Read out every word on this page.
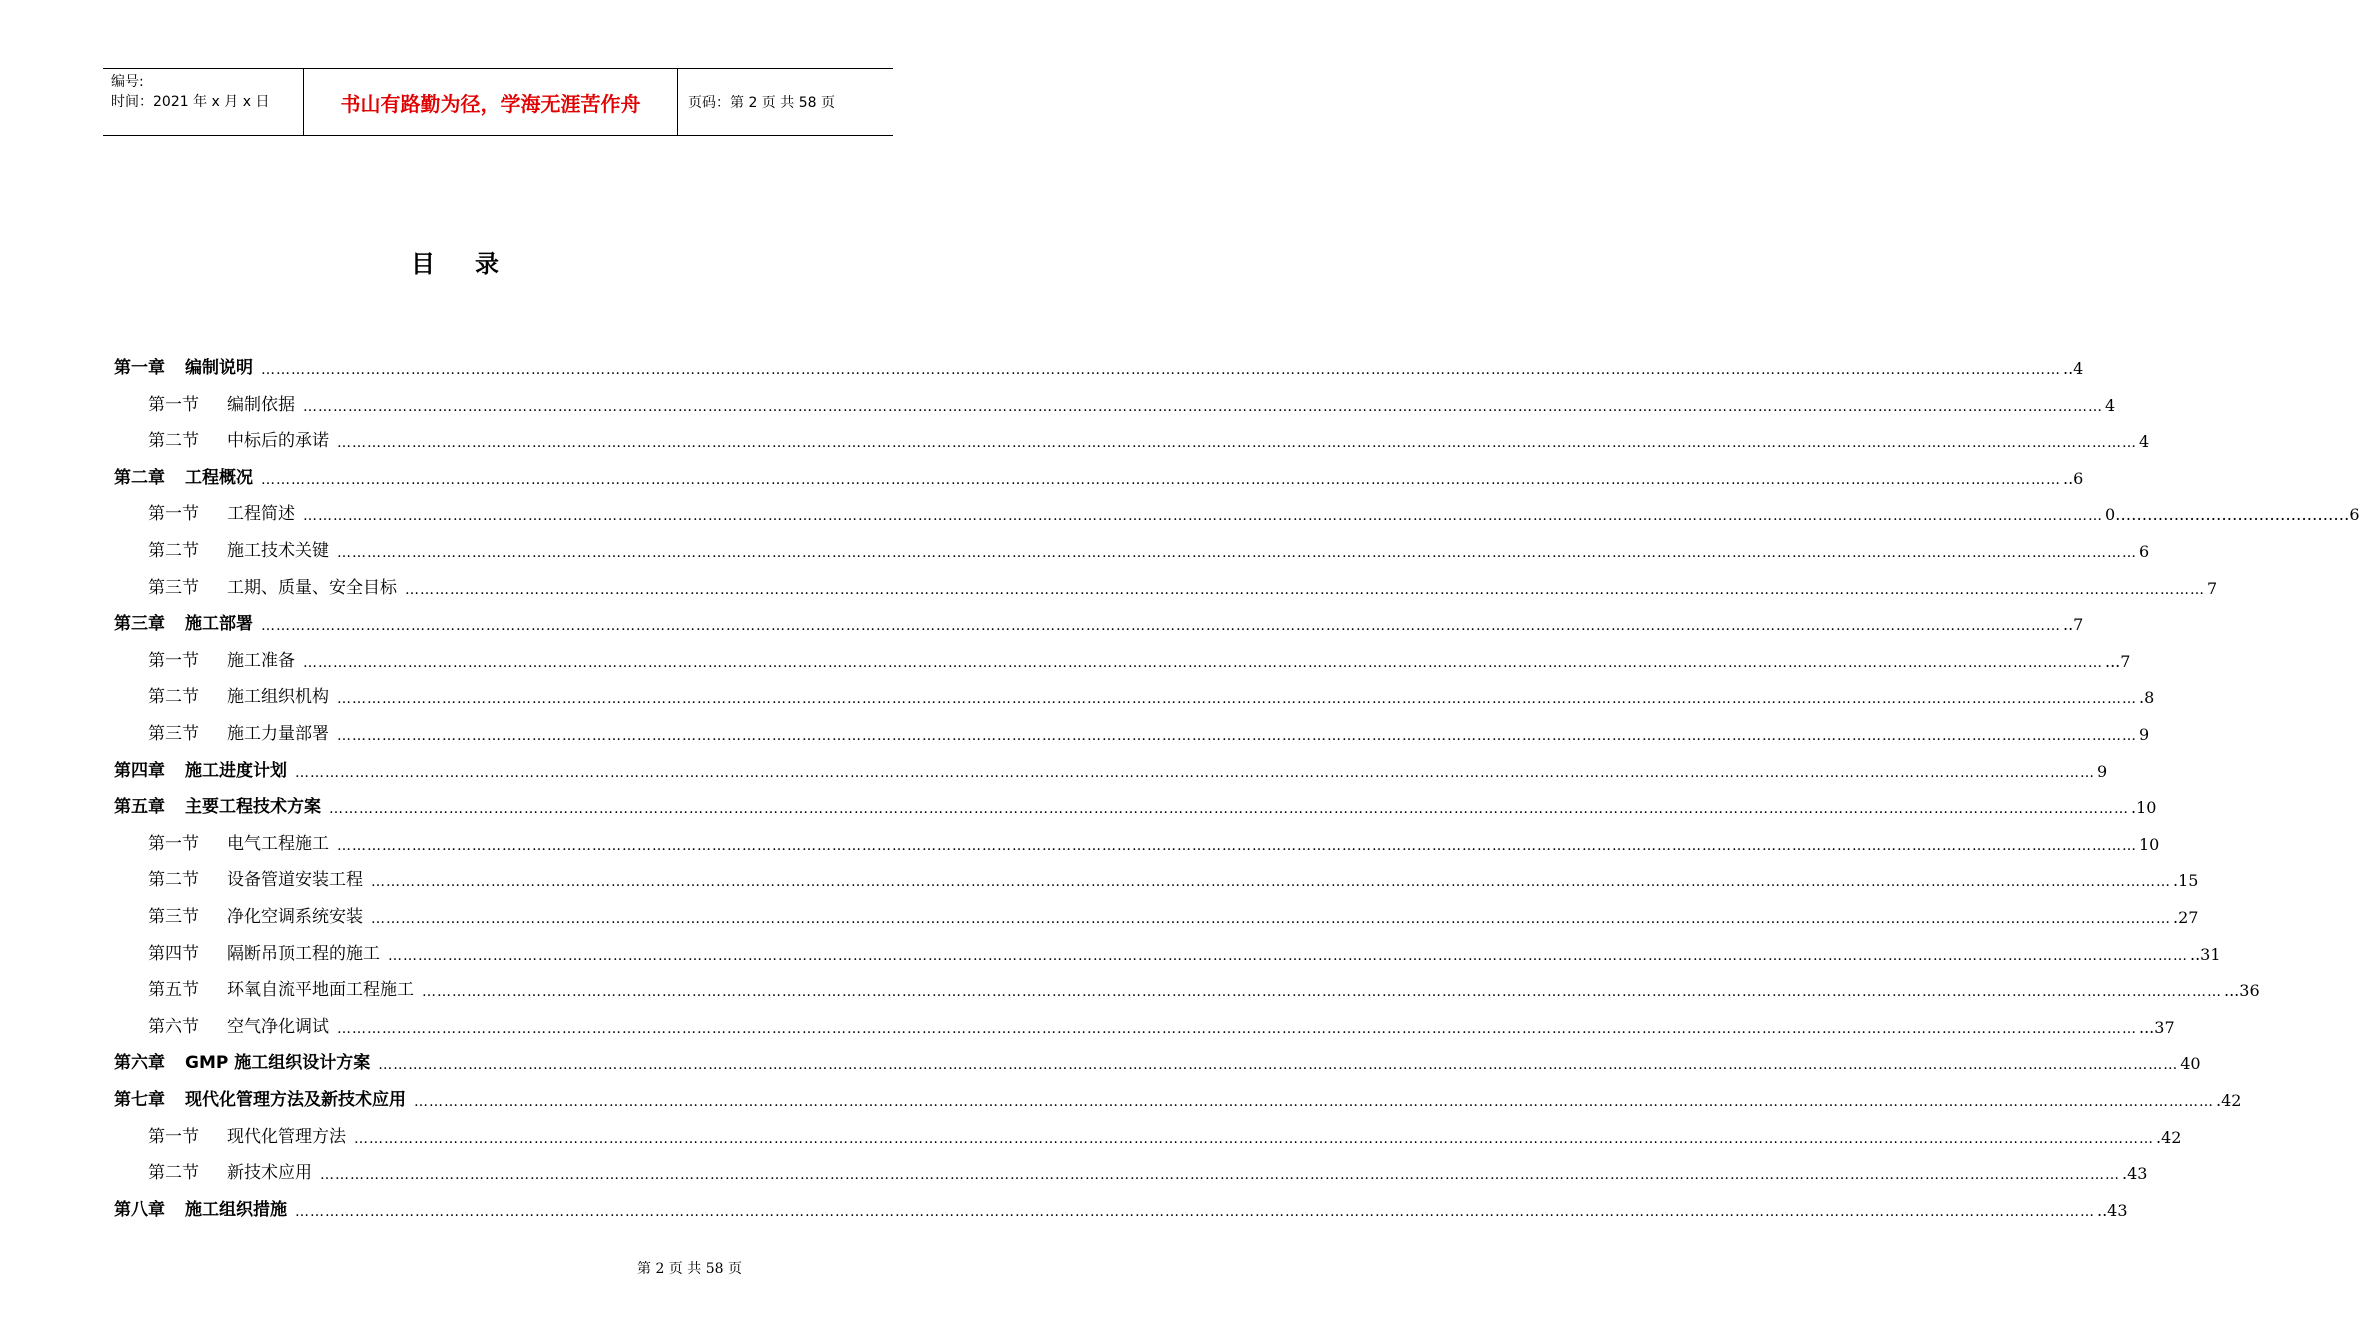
编号:
时间：2021 年 x 月 x 日	书山有路勤为径，学海无涯苦作舟	页码：第 2 页 共 58 页
目录
第一章 编制说明 ……………………………………………………………………………………………………………………………………………………………………………………………………………………………………………………………………………………………………………………………… ..4
第一节 编制依据 ……………………………………………………………………………………………………………………………………………………………………………………………………………………………………………………………………………………………………………………………… 4
第二节 中标后的承诺 ……………………………………………………………………………………………………………………………………………………………………………………………………………………………………………………………………………………………………………………………… 4
第二章 工程概况 ……………………………………………………………………………………………………………………………………………………………………………………………………………………………………………………………………………………………………………………………… ..6
第一节 工程简述 ……………………………………………………………………………………………………………………………………………………………………………………………………………………………………………………………………………………………………………………………… 0…………..…………………………6
第二节 施工技术关键 ……………………………………………………………………………………………………………………………………………………………………………………………………………………………………………………………………………………………………………………………… 6
第三节 工期、质量、安全目标 ……………………………………………………………………………………………………………………………………………………………………………………………………………………………………………………………………………………………………………………………… 7
第三章 施工部署 ……………………………………………………………………………………………………………………………………………………………………………………………………………………………………………………………………………………………………………………………… ..7
第一节 施工准备 ……………………………………………………………………………………………………………………………………………………………………………………………………………………………………………………………………………………………………………………………… ...7
第二节 施工组织机构 ……………………………………………………………………………………………………………………………………………………………………………………………………………………………………………………………………………………………………………………………… .8
第三节 施工力量部署 ……………………………………………………………………………………………………………………………………………………………………………………………………………………………………………………………………………………………………………………………… 9
第四章 施工进度计划 ……………………………………………………………………………………………………………………………………………………………………………………………………………………………………………………………………………………………………………………………… 9
第五章 主要工程技术方案 ……………………………………………………………………………………………………………………………………………………………………………………………………………………………………………………………………………………………………………………………… .10
第一节 电气工程施工 ……………………………………………………………………………………………………………………………………………………………………………………………………………………………………………………………………………………………………………………………… 10
第二节 设备管道安装工程 ……………………………………………………………………………………………………………………………………………………………………………………………………………………………………………………………………………………………………………………………… .15
第三节 净化空调系统安装 ……………………………………………………………………………………………………………………………………………………………………………………………………………………………………………………………………………………………………………………………… .27
第四节 隔断吊顶工程的施工 ……………………………………………………………………………………………………………………………………………………………………………………………………………………………………………………………………………………………………………………………… ..31
第五节 环氧自流平地面工程施工 ……………………………………………………………………………………………………………………………………………………………………………………………………………………………………………………………………………………………………………………………… ...36
第六节 空气净化调试 ……………………………………………………………………………………………………………………………………………………………………………………………………………………………………………………………………………………………………………………………… ...37
第六章 GMP 施工组织设计方案 ……………………………………………………………………………………………………………………………………………………………………………………………………………………………………………………………………………………………………………………………… 40
第七章 现代化管理方法及新技术应用 ……………………………………………………………………………………………………………………………………………………………………………………………………………………………………………………………………………………………………………………………… .42
第一节 现代化管理方法 ……………………………………………………………………………………………………………………………………………………………………………………………………………………………………………………………………………………………………………………………… .42
第二节 新技术应用 ……………………………………………………………………………………………………………………………………………………………………………………………………………………………………………………………………………………………………………………………… .43
第八章 施工组织措施 ……………………………………………………………………………………………………………………………………………………………………………………………………………………………………………………………………………………………………………………………… ..43
第 2 页 共 58 页
